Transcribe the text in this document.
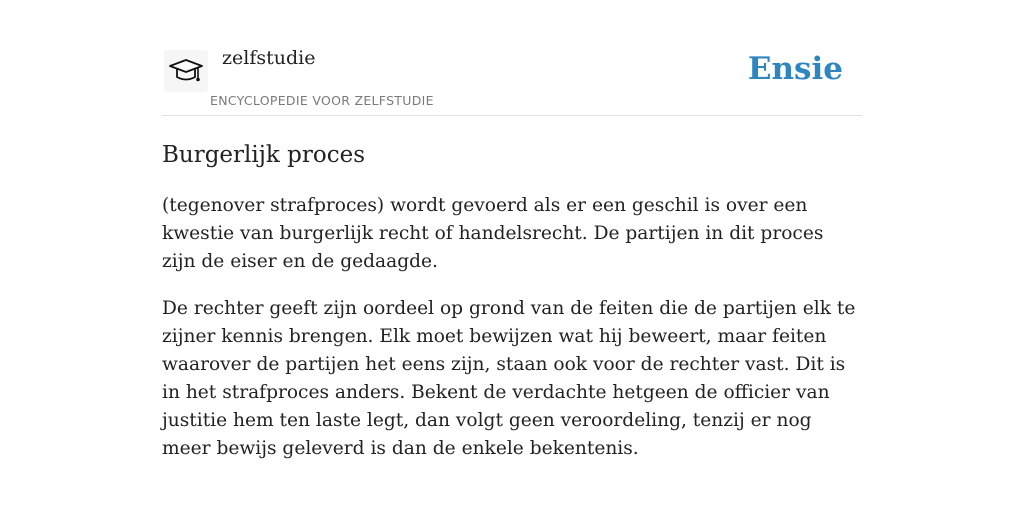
zelfstudie
ENCYCLOPEDIE VOOR ZELFSTUDIE
Ensie
Burgerlijk proces

(tegenover strafproces) wordt gevoerd als er een geschil is over een kwestie van burgerlijk recht of handelsrecht. De partijen in dit proces zijn de eiser en de gedaagde.

De rechter geeft zijn oordeel op grond van de feiten die de partijen elk te zijner kennis brengen. Elk moet bewijzen wat hij beweert, maar feiten waarover de partijen het eens zijn, staan ook voor de rechter vast. Dit is in het strafproces anders. Bekent de verdachte hetgeen de officier van justitie hem ten laste legt, dan volgt geen veroordeling, tenzij er nog meer bewijs geleverd is dan de enkele bekentenis.
